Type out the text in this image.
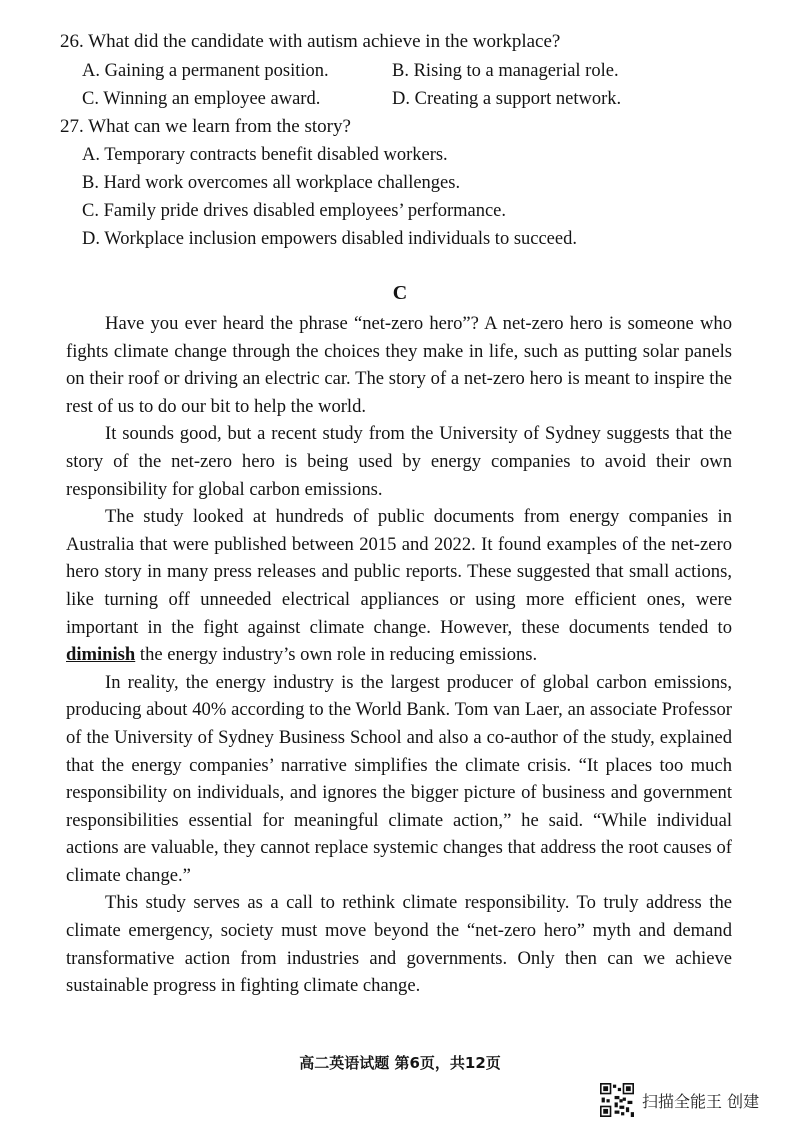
26. What did the candidate with autism achieve in the workplace?
A. Gaining a permanent position.	B. Rising to a managerial role.
C. Winning an employee award.	D. Creating a support network.
27. What can we learn from the story?
A. Temporary contracts benefit disabled workers.
B. Hard work overcomes all workplace challenges.
C. Family pride drives disabled employees’ performance.
D. Workplace inclusion empowers disabled individuals to succeed.
C

Have you ever heard the phrase “net-zero hero”? A net-zero hero is someone who fights climate change through the choices they make in life, such as putting solar panels on their roof or driving an electric car. The story of a net-zero hero is meant to inspire the rest of us to do our bit to help the world.

It sounds good, but a recent study from the University of Sydney suggests that the story of the net-zero hero is being used by energy companies to avoid their own responsibility for global carbon emissions.

The study looked at hundreds of public documents from energy companies in Australia that were published between 2015 and 2022. It found examples of the net-zero hero story in many press releases and public reports. These suggested that small actions, like turning off unneeded electrical appliances or using more efficient ones, were important in the fight against climate change. However, these documents tended to diminish the energy industry’s own role in reducing emissions.

In reality, the energy industry is the largest producer of global carbon emissions, producing about 40% according to the World Bank. Tom van Laer, an associate Professor of the University of Sydney Business School and also a co-author of the study, explained that the energy companies’ narrative simplifies the climate crisis. “It places too much responsibility on individuals, and ignores the bigger picture of business and government responsibilities essential for meaningful climate action,” he said. “While individual actions are valuable, they cannot replace systemic changes that address the root causes of climate change.”

This study serves as a call to rethink climate responsibility. To truly address the climate emergency, society must move beyond the “net-zero hero” myth and demand transformative action from industries and governments. Only then can we achieve sustainable progress in fighting climate change.

高二英语试题 第6页，共12页
扫描全能王 创建
